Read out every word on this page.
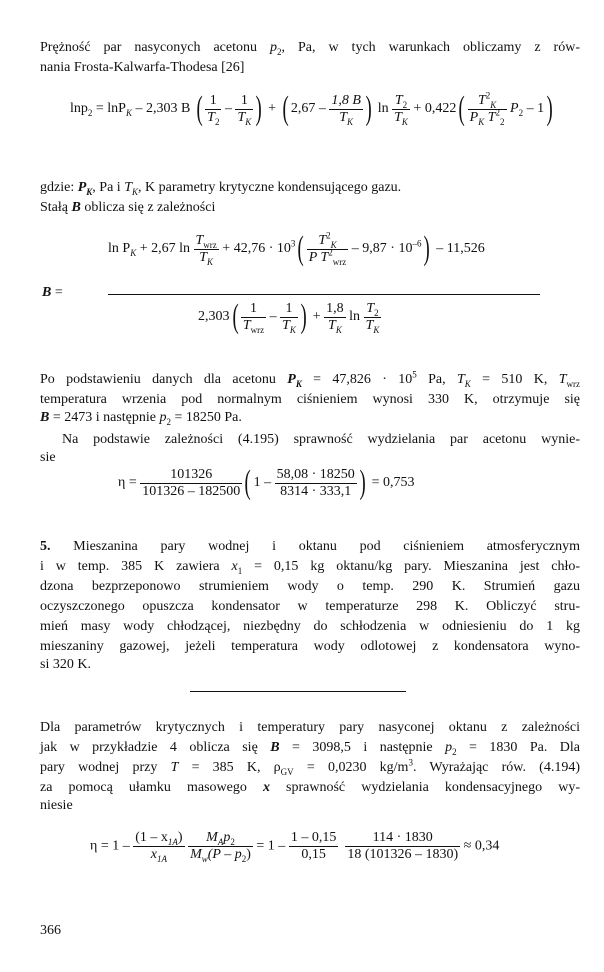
Prężność par nasyconych acetonu $p_2$, Pa, w tych warunkach obliczamy z rów-
nania Frosta-Kalwarfa-Thodesa [26]
lnp$_2$ = lnP$_K$ – 2,303 B ( $\frac{1}{T_2} - \frac{1}{T_K}$ ) + ( $2,67 - \frac{1,8 B}{T_K}$ ) $\ln \frac{T_2}{T_K} + 0,422( \frac{T^2_K}{P_K T^2_2} P_2 - 1)$
gdzie: $P_K$, Pa i $T_K$, K parametry krytyczne kondensującego gazu.
Stałą B oblicza się z zależności
B =
$\ln P_K + 2,67$ $\ln \frac{T_{wrz}}{T_K} + 42,76 \cdot 10^3( \frac{T^2_K}{P T^2_{wrz}} - 9,87 \cdot 10^{-6}) - 11,526$
$2,303( \frac{1}{T_{wrz}} - \frac{1}{T_K}$ ) + $\frac{1,8}{T_K}$ $\ln \frac{T_2}{T_K}$
Po podstawieniu danych dla acetonu $P_K = 47,826 \cdot 10^5$ Pa, $T_K = 510$ K, $T_{wrz}$
temperatura wrzenia pod normalnym ciśnieniem wynosi 330 K, otrzymuje się
B = 2473 i następnie $p_2 = 18250$ Pa.
Na podstawie zależności (4.195) sprawność wydzielania par acetonu wynie-
sie
$\eta = \frac{101326}{101326 - 182500}$ ( $1 - \frac{58,08 \cdot 18250}{8314 \cdot 333,1}$ ) = 0,753
5. Mieszanina pary wodnej i oktanu pod ciśnieniem atmosferycznym
i w temp. 385 K zawiera $x_1 = 0,15$ kg oktanu/kg pary. Mieszanina jest chło-
dzona bezprzeponowo strumieniem wody o temp. 290 K. Strumień gazu
oczyszczonego opuszcza kondensator w temperaturze 298 K. Obliczyć stru-
mień masy wody chłodzącej, niezbędny do schłodzenia w odniesieniu do 1 kg
mieszaniny gazowej, jeżeli temperatura wody odlotowej z kondensatora wyno-
si 320 K.
Dla parametrów krytycznych i temperatury pary nasyconej oktanu z zależności
jak w przykładzie 4 oblicza się B = 3098,5 i następnie $p_2 = 1830$ Pa. Dla
pary wodnej przy T = 385 K, $\rho_{GV} = 0,0230$ $kg/m^3$. Wyrażając rów. (4.194)
za pomocą ułamku masowego x sprawność wydzielania kondensacyjnego wy-
niesie
$\eta = 1 - \frac{(1 - x_{1A})}{x_{1A}}$
$\frac{M_Ap_2}{M_w(P - p_2)} = 1 - \frac{1 - 0,15}{0,15}$
$\frac{114 \cdot 1830}{18 (101326 - 1830)} \approx 0,34$
366
